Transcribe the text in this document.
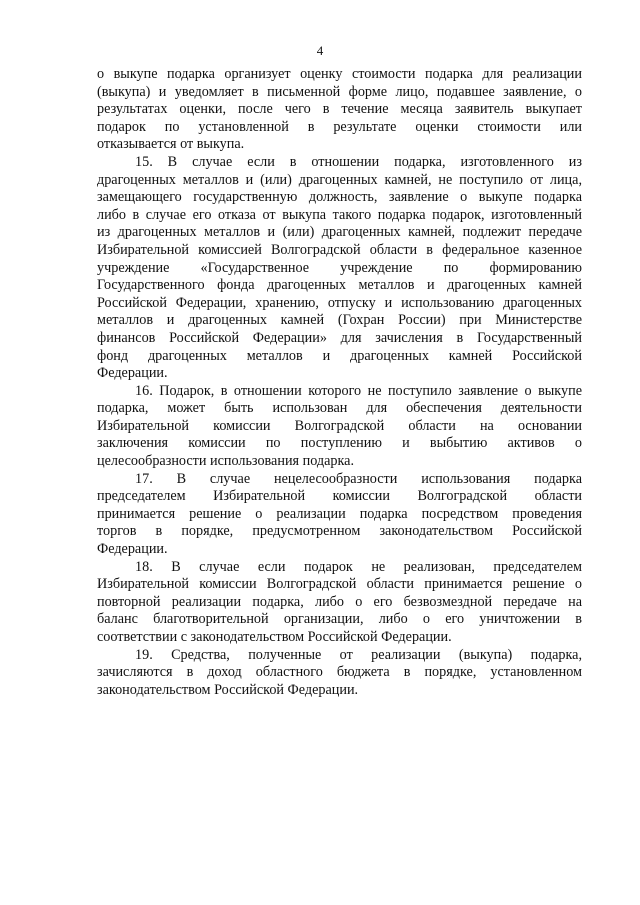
4
о выкупе подарка организует оценку стоимости подарка для реализации
(выкупа) и уведомляет в письменной форме лицо, подавшее заявление, о
результатах оценки, после чего в течение месяца заявитель выкупает
подарок по установленной в результате оценки стоимости или
отказывается от выкупа.
15. В случае если в отношении подарка, изготовленного из
драгоценных металлов и (или) драгоценных камней, не поступило от лица,
замещающего государственную должность, заявление о выкупе подарка
либо в случае его отказа от выкупа такого подарка подарок, изготовленный
из драгоценных металлов и (или) драгоценных камней, подлежит передаче
Избирательной комиссией Волгоградской области в федеральное казенное
учреждение «Государственное учреждение по формированию
Государственного фонда драгоценных металлов и драгоценных камней
Российской Федерации, хранению, отпуску и использованию драгоценных
металлов и драгоценных камней (Гохран России) при Министерстве
финансов Российской Федерации» для зачисления в Государственный
фонд драгоценных металлов и драгоценных камней Российской
Федерации.
16. Подарок, в отношении которого не поступило заявление о выкупе
подарка, может быть использован для обеспечения деятельности
Избирательной комиссии Волгоградской области на основании
заключения комиссии по поступлению и выбытию активов о
целесообразности использования подарка.
17. В случае нецелесообразности использования подарка
председателем Избирательной комиссии Волгоградской области
принимается решение о реализации подарка посредством проведения
торгов в порядке, предусмотренном законодательством Российской
Федерации.
18. В случае если подарок не реализован, председателем
Избирательной комиссии Волгоградской области принимается решение о
повторной реализации подарка, либо о его безвозмездной передаче на
баланс благотворительной организации, либо о его уничтожении в
соответствии с законодательством Российской Федерации.
19. Средства, полученные от реализации (выкупа) подарка,
зачисляются в доход областного бюджета в порядке, установленном
законодательством Российской Федерации.
